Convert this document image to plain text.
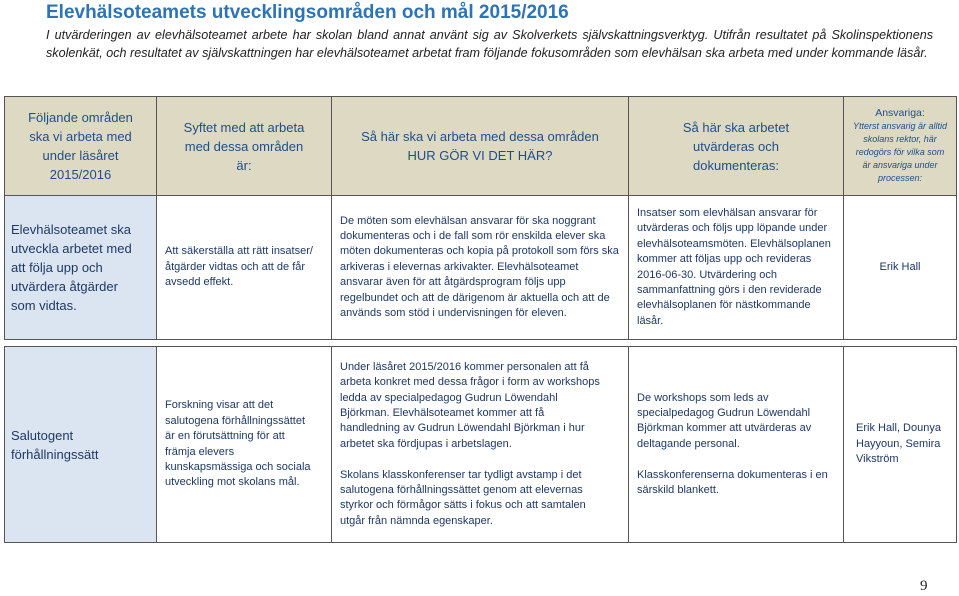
Elevhälsoteamets utvecklingsområden och mål 2015/2016
I utvärderingen av elevhälsoteamet arbete har skolan bland annat använt sig av Skolverkets självskattningsverktyg. Utifrån resultatet på Skolinspektionens skolenkät, och resultatet av självskattningen har elevhälsoteamet arbetat fram följande fokusområden som elevhälsan ska arbeta med under kommande läsår.
Följande områden ska vi arbeta med under läsåret 2015/2016
Syftet med att arbeta med dessa områden är:
Så här ska vi arbeta med dessa områden HUR GÖR VI DET HÄR?
Så här ska arbetet utvärderas och dokumenteras:
Ansvariga:
Ytterst ansvarig är alltid skolans rektor, här redogörs för vilka som är ansvariga under processen:
Elevhälsoteamet ska utveckla arbetet med att följa upp och utvärdera åtgärder som vidtas.
Att säkerställa att rätt insatser/åtgärder vidtas och att de får avsedd effekt.
De möten som elevhälsan ansvarar för ska noggrant dokumenteras och i de fall som rör enskilda elever ska möten dokumenteras och kopia på protokoll som förs ska arkiveras i elevernas arkivakter. Elevhälsoteamet ansvarar även för att åtgärdsprogram följs upp regelbundet och att de därigenom är aktuella och att de används som stöd i undervisningen för eleven.
Insatser som elevhälsan ansvarar för utvärderas och följs upp löpande under elevhälsoteamsmöten. Elevhälsoplanen kommer att följas upp och revideras 2016-06-30. Utvärdering och sammanfattning görs i den reviderade elevhälsoplanen för nästkommande läsår.
Erik Hall
Salutogent förhållningssätt
Forskning visar att det salutogena förhållningssättet är en förutsättning för att främja elevers kunskapsmässiga och sociala utveckling mot skolans mål.
Under läsåret 2015/2016 kommer personalen att få arbeta konkret med dessa frågor i form av workshops ledda av specialpedagog Gudrun Löwendahl Björkman. Elevhälsoteamet kommer att få handledning av Gudrun Löwendahl Björkman i hur arbetet ska fördjupas i arbetslagen.

Skolans klasskonferenser tar tydligt avstamp i det salutogena förhållningssättet genom att elevernas styrkor och förmågor sätts i fokus och att samtalen utgår från nämnda egenskaper.
De workshops som leds av specialpedagog Gudrun Löwendahl Björkman kommer att utvärderas av deltagande personal.

Klasskonferenserna dokumenteras i en särskild blankett.
Erik Hall, Dounya Hayyoun, Semira Vikström
9
